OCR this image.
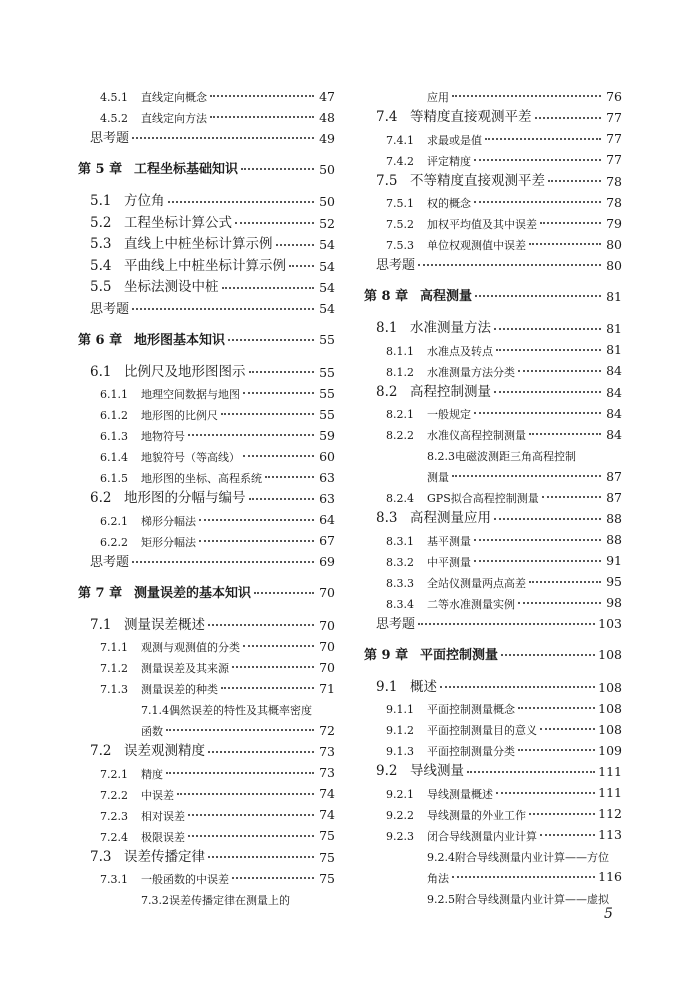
4.5.1	直线定向概念	47
4.5.2	直线定向方法	48
思考题	49
第 5 章 工程坐标基础知识	50
5.1 方位角	50
5.2 工程坐标计算公式	52
5.3 直线上中桩坐标计算示例	54
5.4 平曲线上中桩坐标计算示例	54
5.5 坐标法测设中桩	54
思考题	54
第 6 章 地形图基本知识	55
6.1 比例尺及地形图图示	55
6.1.1	地理空间数据与地图	55
6.1.2	地形图的比例尺	55
6.1.3	地物符号	59
6.1.4	地貌符号（等高线）	60
6.1.5	地形图的坐标、高程系统	63
6.2 地形图的分幅与编号	63
6.2.1	梯形分幅法	64
6.2.2	矩形分幅法	67
思考题	69
第 7 章 测量误差的基本知识	70
7.1 测量误差概述	70
7.1.1	观测与观测值的分类	70
7.1.2	测量误差及其来源	70
7.1.3	测量误差的种类	71
7.1.4 偶然误差的特性及其概率密度
函数	72
7.2 误差观测精度	73
7.2.1	精度	73
7.2.2	中误差	74
7.2.3	相对误差	74
7.2.4	极限误差	75
7.3 误差传播定律	75
7.3.1	一般函数的中误差	75
7.3.2 误差传播定律在测量上的
应用	76
7.4 等精度直接观测平差	77
7.4.1	求最或是值	77
7.4.2	评定精度	77
7.5 不等精度直接观测平差	78
7.5.1	权的概念	78
7.5.2	加权平均值及其中误差	79
7.5.3	单位权观测值中误差	80
思考题	80
第 8 章 高程测量	81
8.1 水准测量方法	81
8.1.1	水准点及转点	81
8.1.2	水准测量方法分类	84
8.2 高程控制测量	84
8.2.1	一般规定	84
8.2.2	水准仪高程控制测量	84
8.2.3 电磁波测距三角高程控制
测量	87
8.2.4	GPS拟合高程控制测量	87
8.3 高程测量应用	88
8.3.1	基平测量	88
8.3.2	中平测量	91
8.3.3	全站仪测量两点高差	95
8.3.4	二等水准测量实例	98
思考题	103
第 9 章 平面控制测量	108
9.1 概述	108
9.1.1	平面控制测量概念	108
9.1.2	平面控制测量目的意义	108
9.1.3	平面控制测量分类	109
9.2 导线测量	111
9.2.1	导线测量概述	111
9.2.2	导线测量的外业工作	112
9.2.3	闭合导线测量内业计算	113
9.2.4 附合导线测量内业计算——方位
角法	116
9.2.5 附合导线测量内业计算——虚拟
5
